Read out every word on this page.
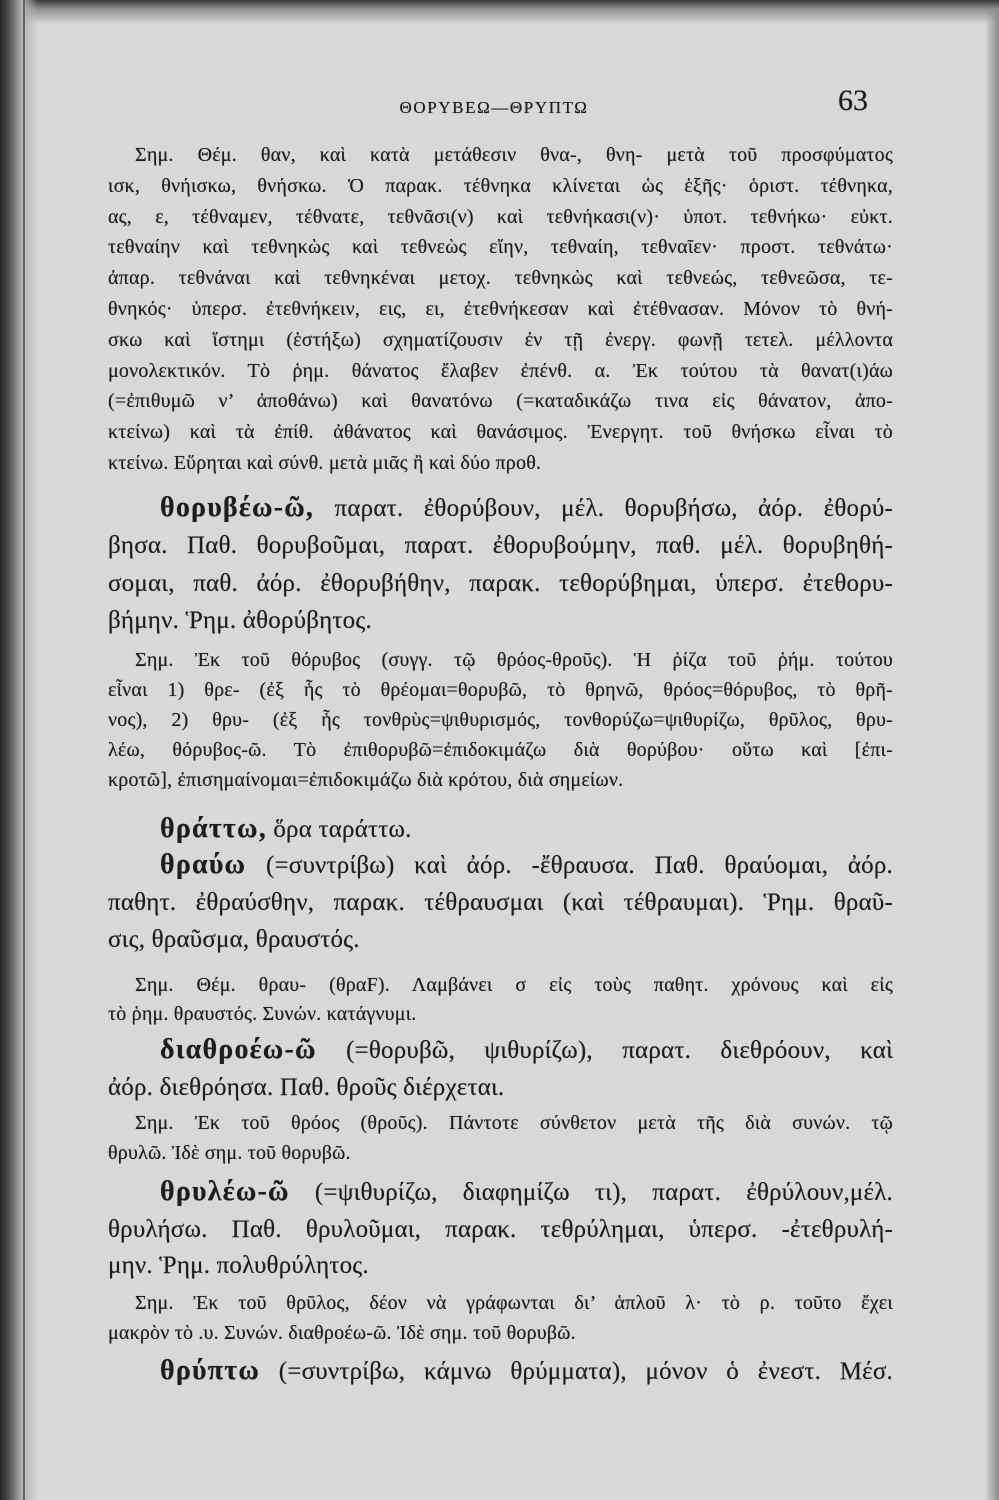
ΘΟΡΥΒΕΩ—ΘΡΥΠΤΩ	63
Σημ. Θέμ. θαν, καὶ κατὰ μετάθεσιν θνα-, θνη- μετὰ τοῦ προσφύματος
ισκ, θνήισκω, θνήσκω. Ὁ παρακ. τέθνηκα κλίνεται ὡς ἑξῆς· ὁριστ. τέθνηκα,
ας, ε, τέθναμεν, τέθνατε, τεθνᾶσι(ν) καὶ τεθνήκασι(ν)· ὑποτ. τεθνήκω· εὐκτ.
τεθναίην καὶ τεθνηκὼς καὶ τεθνεὼς εἴην, τεθναίη, τεθναῖεν· προστ. τεθνάτω·
ἀπαρ. τεθνάναι καὶ τεθνηκέναι μετοχ. τεθνηκὼς καὶ τεθνεώς, τεθνεῶσα, τε-
θνηκός· ὑπερσ. ἐτεθνήκειν, εις, ει, ἐτεθνήκεσαν καὶ ἐτέθνασαν. Μόνον τὸ θνή-
σκω καὶ ἵστημι (ἑστήξω) σχηματίζουσιν ἐν τῇ ἐνεργ. φωνῇ τετελ. μέλλοντα
μονολεκτικόν. Τὸ ῥημ. θάνατος ἔλαβεν ἐπένθ. α. Ἐκ τούτου τὰ θανατ(ι)άω
(=ἐπιθυμῶ ν’ ἀποθάνω) καὶ θανατόνω (=καταδικάζω τινα εἰς θάνατον, ἀπο-
κτείνω) καὶ τὰ ἐπίθ. ἀθάνατος καὶ θανάσιμος. Ἐνεργητ. τοῦ θνήσκω εἶναι τὸ
κτείνω. Εὕρηται καὶ σύνθ. μετὰ μιᾶς ἢ καὶ δύο προθ.
θορυβέω-ῶ, παρατ. ἐθορύβουν, μέλ. θορυβήσω, ἀόρ. ἐθορύ-
βησα. Παθ. θορυβοῦμαι, παρατ. ἐθορυβούμην, παθ. μέλ. θορυβηθή-
σομαι, παθ. ἀόρ. ἐθορυβήθην, παρακ. τεθορύβημαι, ὑπερσ. ἐτεθορυ-
βήμην. Ῥημ. ἀθορύβητος.
Σημ. Ἐκ τοῦ θόρυβος (συγγ. τῷ θρόος-θροῦς). Ἡ ῥίζα τοῦ ῥήμ. τούτου
εἶναι 1) θρε- (ἐξ ἧς τὸ θρέομαι=θορυβῶ, τὸ θρηνῶ, θρόος=θόρυβος, τὸ θρῆ-
νος), 2) θρυ- (ἐξ ἧς τονθρὺς=ψιθυρισμός, τονθορύζω=ψιθυρίζω, θρῦλος, θρυ-
λέω, θόρυβος-ῶ. Τὸ ἐπιθορυβῶ=ἐπιδοκιμάζω διὰ θορύβου· οὕτω καὶ [ἐπι-
κροτῶ], ἐπισημαίνομαι=ἐπιδοκιμάζω διὰ κρότου, διὰ σημείων.
θράττω, ὅρα ταράττω.
θραύω (=συντρίβω) καὶ ἀόρ. -ἔθραυσα. Παθ. θραύομαι, ἀόρ.
παθητ. ἐθραύσθην, παρακ. τέθραυσμαι (καὶ τέθραυμαι). Ῥημ. θραῦ-
σις, θραῦσμα, θραυστός.
Σημ. Θέμ. θραυ- (θραF). Λαμβάνει σ εἰς τοὺς παθητ. χρόνους καὶ εἰς
τὸ ῥημ. θραυστός. Συνών. κατάγνυμι.
διαθροέω-ῶ (=θορυβῶ, ψιθυρίζω), παρατ. διεθρόουν, καὶ
ἀόρ. διεθρόησα. Παθ. θροῦς διέρχεται.
Σημ. Ἐκ τοῦ θρόος (θροῦς). Πάντοτε σύνθετον μετὰ τῆς διὰ συνών. τῷ
θρυλῶ. Ἰδὲ σημ. τοῦ θορυβῶ.
θρυλέω-ῶ (=ψιθυρίζω, διαφημίζω τι), παρατ. ἐθρύλουν,μέλ.
θρυλήσω. Παθ. θρυλοῦμαι, παρακ. τεθρύλημαι, ὑπερσ. -ἐτεθρυλή-
μην. Ῥημ. πολυθρύλητος.
Σημ. Ἐκ τοῦ θρῦλος, δέον νὰ γράφωνται δι’ ἁπλοῦ λ· τὸ ρ. τοῦτο ἔχει
μακρὸν τὸ .υ. Συνών. διαθροέω-ῶ. Ἰδὲ σημ. τοῦ θορυβῶ.
θρύπτω (=συντρίβω, κάμνω θρύμματα), μόνον ὁ ἐνεστ. Μέσ.
